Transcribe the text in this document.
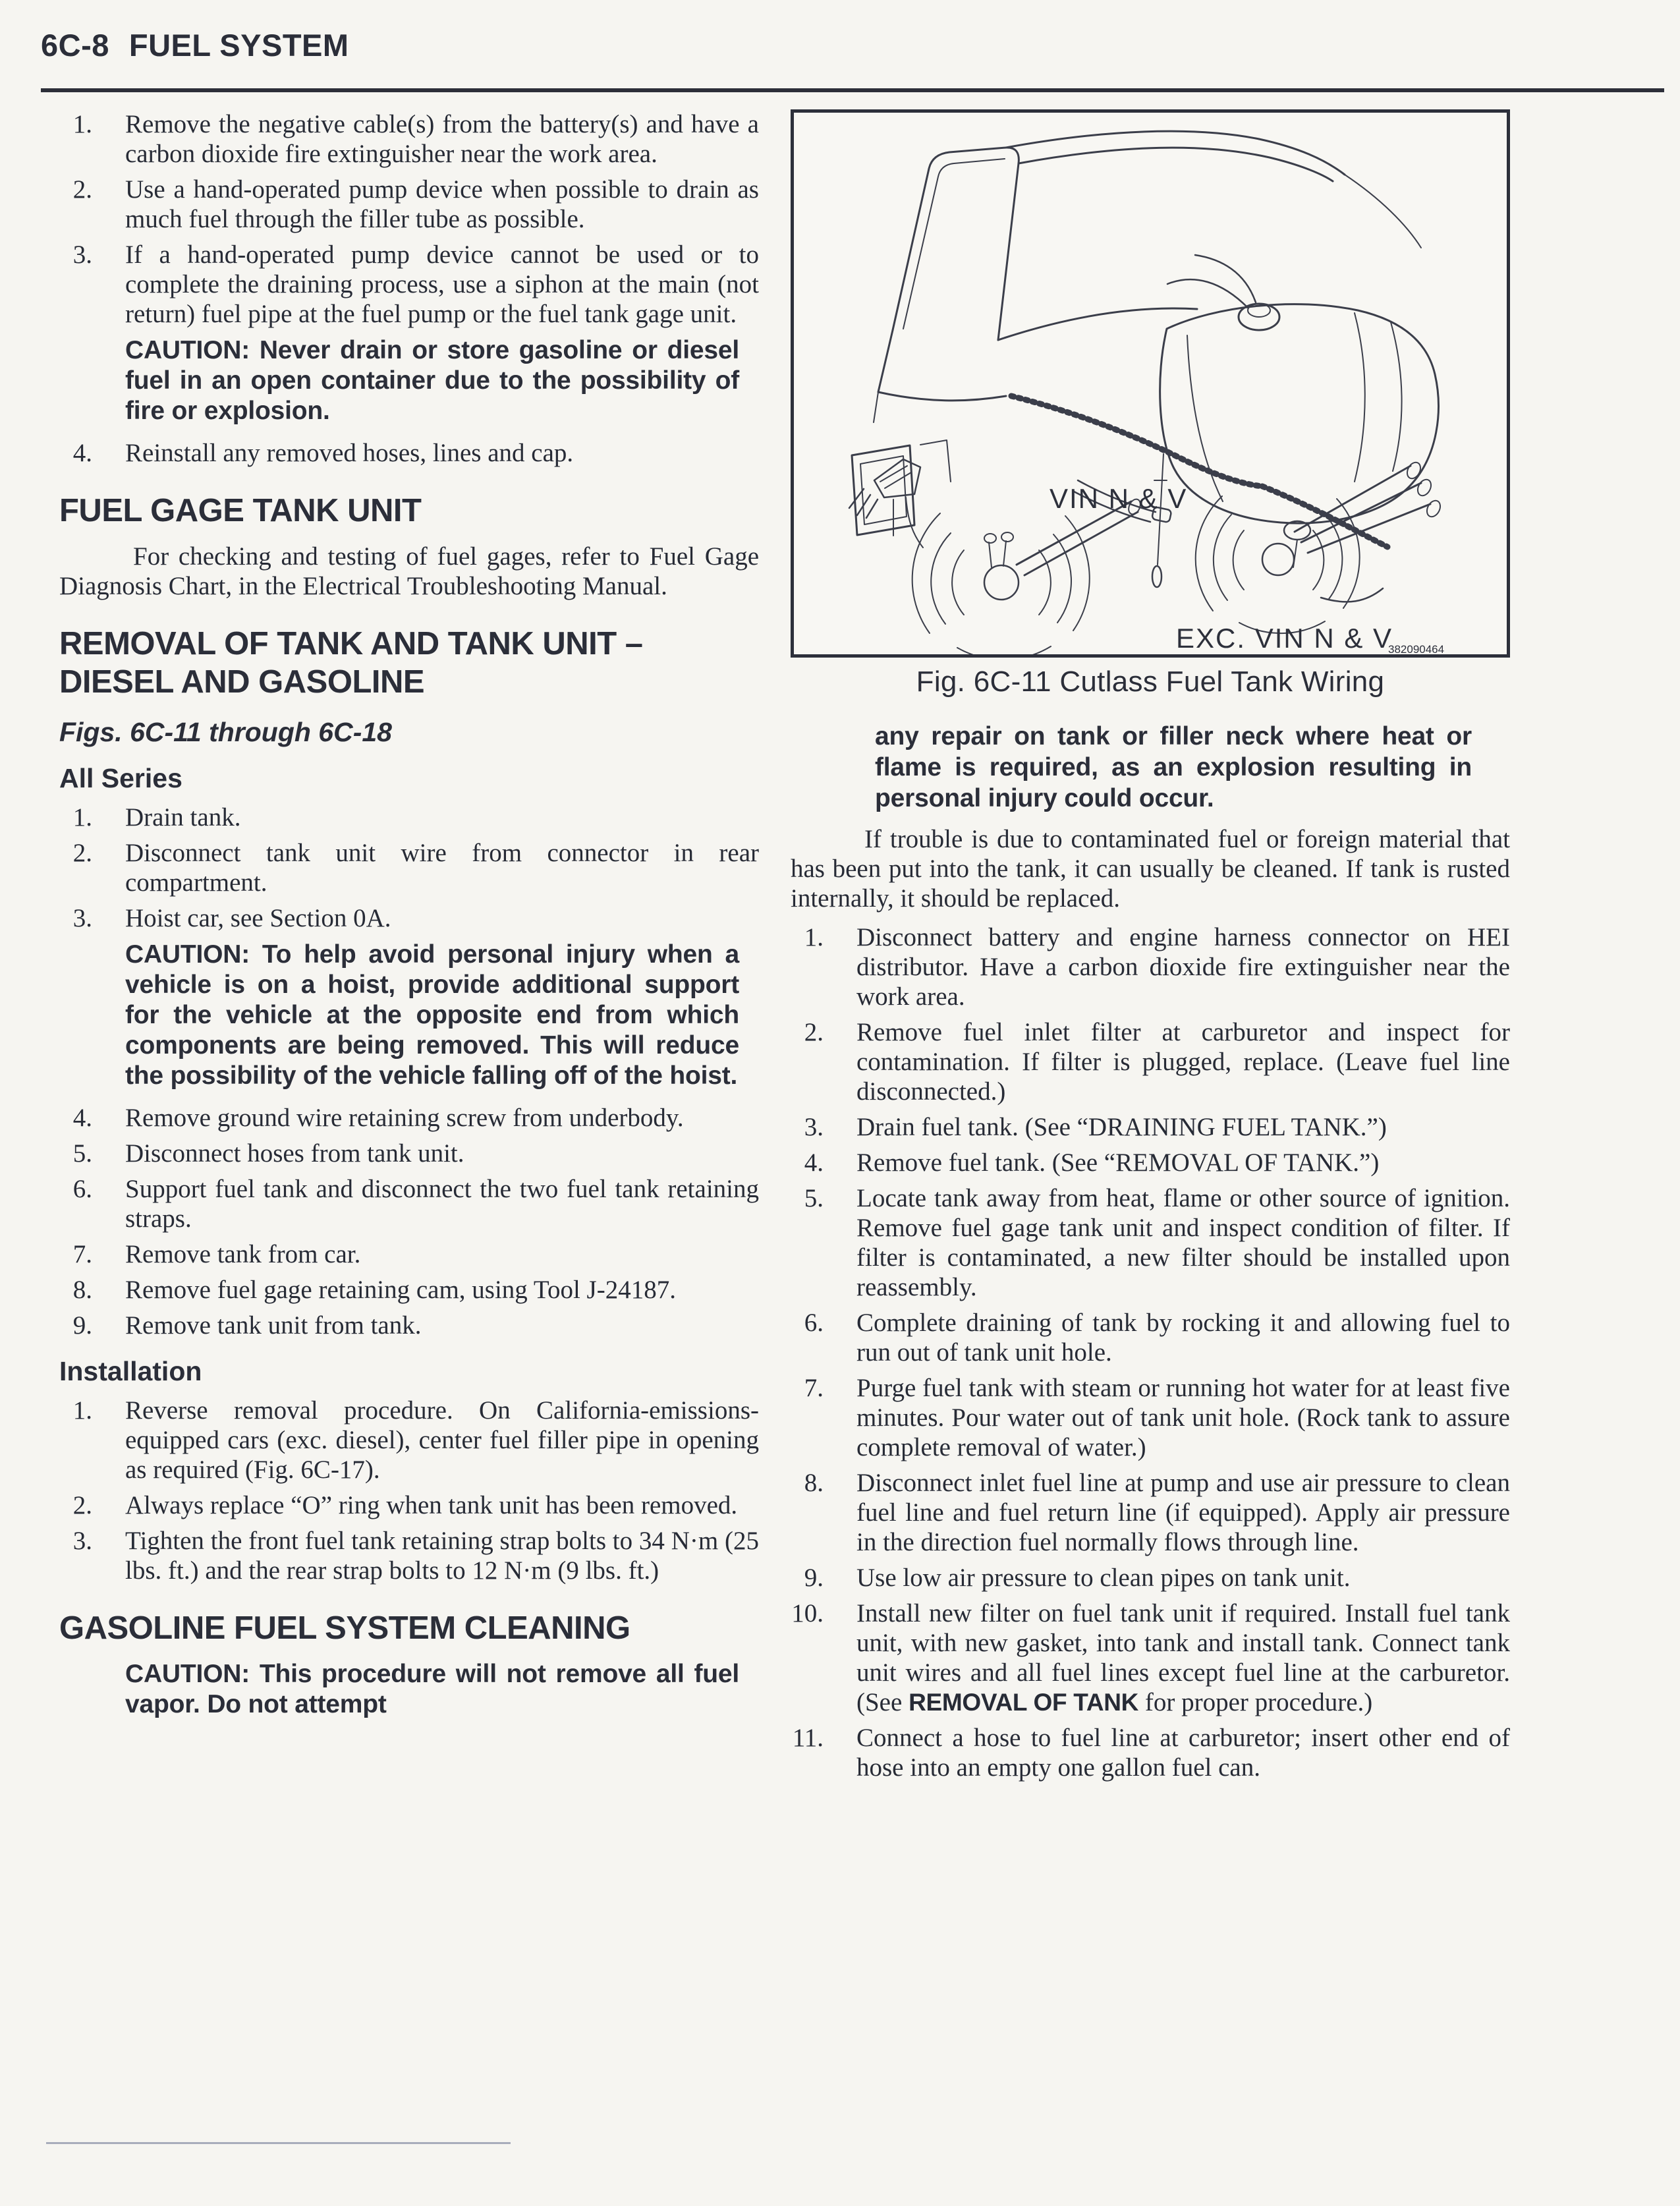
6C-8 FUEL SYSTEM
1.	Remove the negative cable(s) from the battery(s) and have a carbon dioxide fire extinguisher near the work area.
2.	Use a hand-operated pump device when possible to drain as much fuel through the filler tube as possible.
3.	If a hand-operated pump device cannot be used or to complete the draining process, use a siphon at the main (not return) fuel pipe at the fuel pump or the fuel tank gage unit.
CAUTION: Never drain or store gasoline or diesel fuel in an open container due to the possibility of fire or explosion.
4.	Reinstall any removed hoses, lines and cap.
FUEL GAGE TANK UNIT
For checking and testing of fuel gages, refer to Fuel Gage Diagnosis Chart, in the Electrical Troubleshooting Manual.
REMOVAL OF TANK AND TANK UNIT – DIESEL AND GASOLINE
Figs. 6C-11 through 6C-18
All Series
1.	Drain tank.
2.	Disconnect tank unit wire from connector in rear compartment.
3.	Hoist car, see Section 0A.
CAUTION: To help avoid personal injury when a vehicle is on a hoist, provide additional support for the vehicle at the opposite end from which components are being removed. This will reduce the possibility of the vehicle falling off of the hoist.
4.	Remove ground wire retaining screw from underbody.
5.	Disconnect hoses from tank unit.
6.	Support fuel tank and disconnect the two fuel tank retaining straps.
7.	Remove tank from car.
8.	Remove fuel gage retaining cam, using Tool J-24187.
9.	Remove tank unit from tank.
Installation
1.	Reverse removal procedure. On California-emissions-equipped cars (exc. diesel), center fuel filler pipe in opening as required (Fig. 6C-17).
2.	Always replace “O” ring when tank unit has been removed.
3.	Tighten the front fuel tank retaining strap bolts to 34 N·m (25 lbs. ft.) and the rear strap bolts to 12 N·m (9 lbs. ft.)
GASOLINE FUEL SYSTEM CLEANING
CAUTION: This procedure will not remove all fuel vapor. Do not attempt
VIN N & V
EXC. VIN N & V
382090464
Fig. 6C-11 Cutlass Fuel Tank Wiring
any repair on tank or filler neck where heat or flame is required, as an explosion resulting in personal injury could occur.
If trouble is due to contaminated fuel or foreign material that has been put into the tank, it can usually be cleaned. If tank is rusted internally, it should be replaced.
1.	Disconnect battery and engine harness connector on HEI distributor. Have a carbon dioxide fire extinguisher near the work area.
2.	Remove fuel inlet filter at carburetor and inspect for contamination. If filter is plugged, replace. (Leave fuel line disconnected.)
3.	Drain fuel tank. (See “DRAINING FUEL TANK.”)
4.	Remove fuel tank. (See “REMOVAL OF TANK.”)
5.	Locate tank away from heat, flame or other source of ignition. Remove fuel gage tank unit and inspect condition of filter. If filter is contaminated, a new filter should be installed upon reassembly.
6.	Complete draining of tank by rocking it and allowing fuel to run out of tank unit hole.
7.	Purge fuel tank with steam or running hot water for at least five minutes. Pour water out of tank unit hole. (Rock tank to assure complete removal of water.)
8.	Disconnect inlet fuel line at pump and use air pressure to clean fuel line and fuel return line (if equipped). Apply air pressure in the direction fuel normally flows through line.
9.	Use low air pressure to clean pipes on tank unit.
10.	Install new filter on fuel tank unit if required. Install fuel tank unit, with new gasket, into tank and install tank. Connect tank unit wires and all fuel lines except fuel line at the carburetor. (See REMOVAL OF TANK for proper procedure.)
11.	Connect a hose to fuel line at carburetor; insert other end of hose into an empty one gallon fuel can.
